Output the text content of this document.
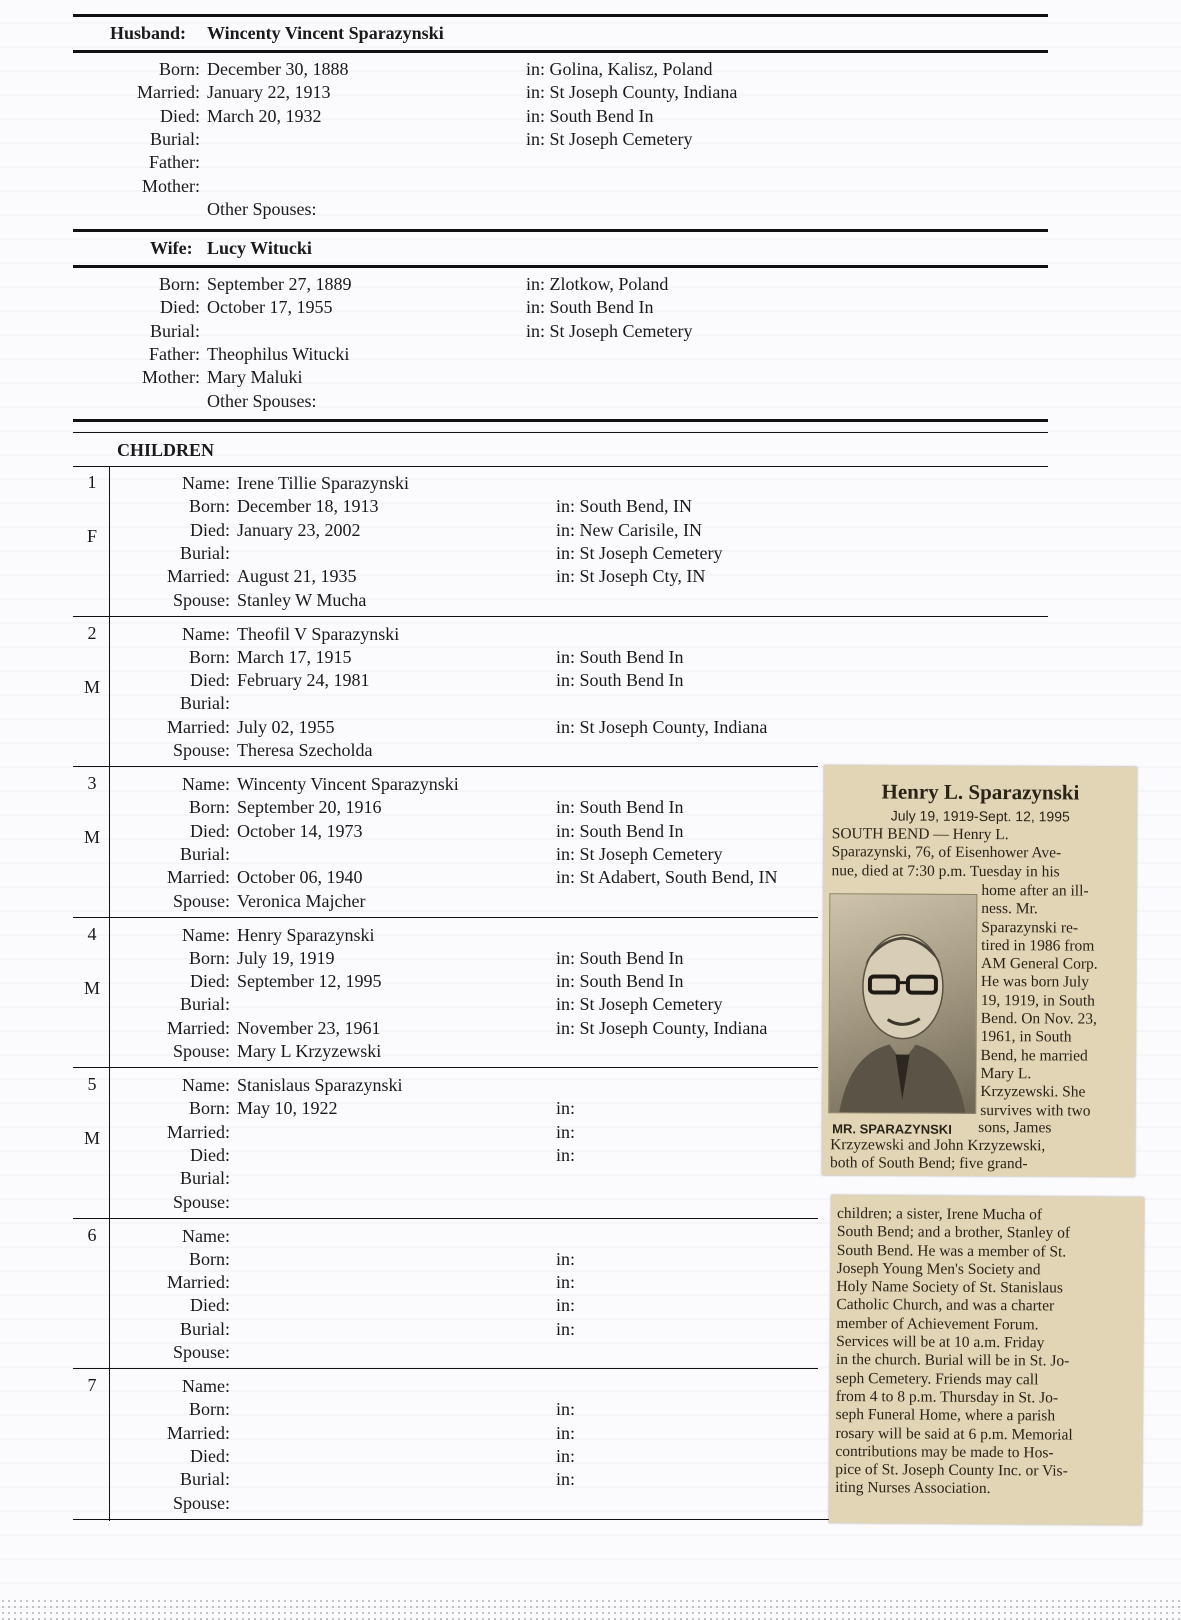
Husband: Wincenty Vincent Sparazynski
Born: December 30, 1888	in: Golina, Kalisz, Poland
Married: January 22, 1913	in: St Joseph County, Indiana
Died: March 20, 1932	in: South Bend In
Burial:	in: St Joseph Cemetery
Father:
Mother:
Other Spouses:
Wife: Lucy Witucki
Born: September 27, 1889	in: Zlotkow, Poland
Died: October 17, 1955	in: South Bend In
Burial:	in: St Joseph Cemetery
Father: Theophilus Witucki
Mother: Mary Maluki
Other Spouses:
CHILDREN
1
F
Name: Irene Tillie Sparazynski
Born: December 18, 1913	in: South Bend, IN
Died: January 23, 2002	in: New Carisile, IN
Burial:	in: St Joseph Cemetery
Married: August 21, 1935	in: St Joseph Cty, IN
Spouse: Stanley W Mucha
2
M
Name: Theofil V Sparazynski
Born: March 17, 1915	in: South Bend In
Died: February 24, 1981	in: South Bend In
Burial:
Married: July 02, 1955	in: St Joseph County, Indiana
Spouse: Theresa Szecholda
3
M
Name: Wincenty Vincent Sparazynski
Born: September 20, 1916	in: South Bend In
Died: October 14, 1973	in: South Bend In
Burial:	in: St Joseph Cemetery
Married: October 06, 1940	in: St Adabert, South Bend, IN
Spouse: Veronica Majcher
4
M
Name: Henry Sparazynski
Born: July 19, 1919	in: South Bend In
Died: September 12, 1995	in: South Bend In
Burial:	in: St Joseph Cemetery
Married: November 23, 1961	in: St Joseph County, Indiana
Spouse: Mary L Krzyzewski
5
M
Name: Stanislaus Sparazynski
Born: May 10, 1922	in:
Married:	in:
Died:	in:
Burial:
Spouse:
6	Name:
Born:	in:
Married:	in:
Died:	in:
Burial:	in:
Spouse:
7	Name:
Born:	in:
Married:	in:
Died:	in:
Burial:	in:
Spouse:
Henry L. Sparazynski
July 19, 1919-Sept. 12, 1995
SOUTH BEND — Henry L.
Sparazynski, 76, of Eisenhower Ave-
nue, died at 7:30 p.m. Tuesday in his
home after an ill-
ness. Mr.
Sparazynski re-
tired in 1986 from
AM General Corp.
He was born July
19, 1919, in South
Bend. On Nov. 23,
1961, in South
Bend, he married
Mary L.
Krzyzewski. She
survives with two
MR. SPARAZYNSKI sons, James
Krzyzewski and John Krzyzewski,
both of South Bend; five grand-
children; a sister, Irene Mucha of
South Bend; and a brother, Stanley of
South Bend. He was a member of St.
Joseph Young Men's Society and
Holy Name Society of St. Stanislaus
Catholic Church, and was a charter
member of Achievement Forum.
Services will be at 10 a.m. Friday
in the church. Burial will be in St. Jo-
seph Cemetery. Friends may call
from 4 to 8 p.m. Thursday in St. Jo-
seph Funeral Home, where a parish
rosary will be said at 6 p.m. Memorial
contributions may be made to Hos-
pice of St. Joseph County Inc. or Vis-
iting Nurses Association.
